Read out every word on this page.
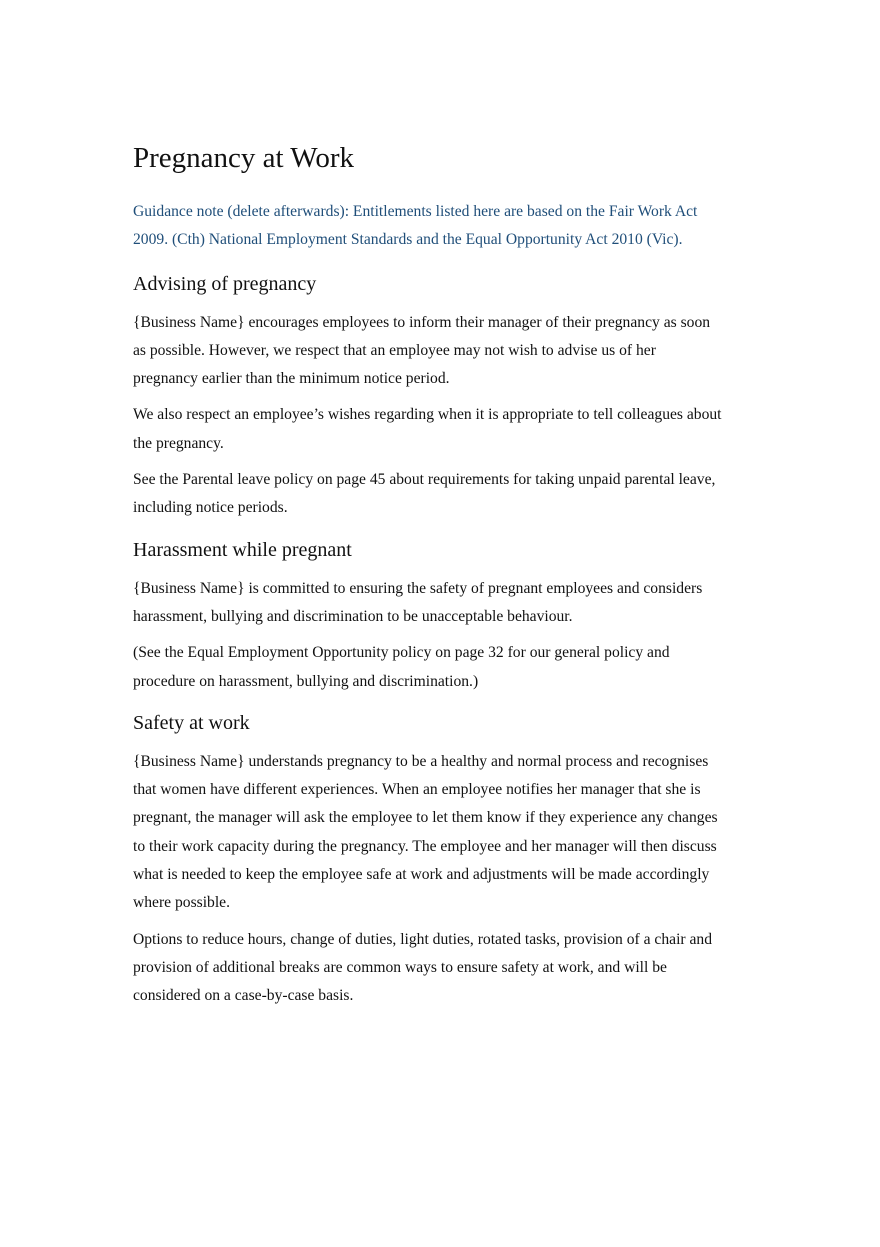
Pregnancy at Work

Guidance note (delete afterwards): Entitlements listed here are based on the Fair Work Act 2009. (Cth) National Employment Standards and the Equal Opportunity Act 2010 (Vic).

Advising of pregnancy

{Business Name} encourages employees to inform their manager of their pregnancy as soon as possible. However, we respect that an employee may not wish to advise us of her pregnancy earlier than the minimum notice period.

We also respect an employee’s wishes regarding when it is appropriate to tell colleagues about the pregnancy.

See the Parental leave policy on page 45 about requirements for taking unpaid parental leave, including notice periods.

Harassment while pregnant

{Business Name} is committed to ensuring the safety of pregnant employees and considers harassment, bullying and discrimination to be unacceptable behaviour.

(See the Equal Employment Opportunity policy on page 32 for our general policy and procedure on harassment, bullying and discrimination.)

Safety at work

{Business Name} understands pregnancy to be a healthy and normal process and recognises that women have different experiences. When an employee notifies her manager that she is pregnant, the manager will ask the employee to let them know if they experience any changes to their work capacity during the pregnancy. The employee and her manager will then discuss what is needed to keep the employee safe at work and adjustments will be made accordingly where possible.

Options to reduce hours, change of duties, light duties, rotated tasks, provision of a chair and provision of additional breaks are common ways to ensure safety at work, and will be considered on a case-by-case basis.
